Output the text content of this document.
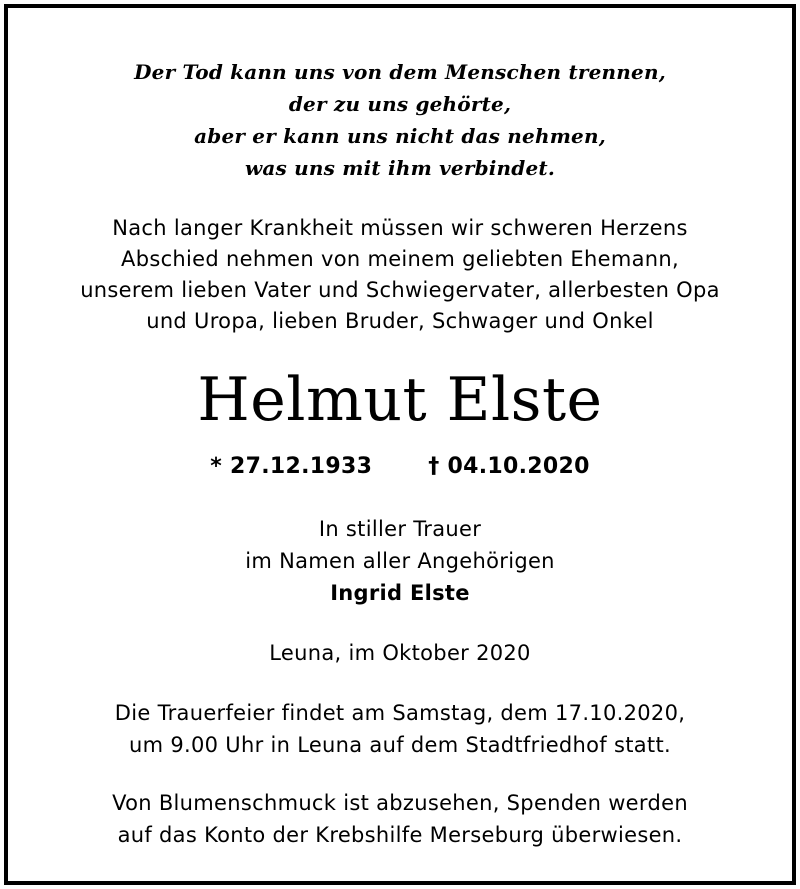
Der Tod kann uns von dem Menschen trennen,
der zu uns gehörte,
aber er kann uns nicht das nehmen,
was uns mit ihm verbindet.
Nach langer Krankheit müssen wir schweren Herzens
Abschied nehmen von meinem geliebten Ehemann,
unserem lieben Vater und Schwiegervater, allerbesten Opa
und Uropa, lieben Bruder, Schwager und Onkel
Helmut Elste
* 27.12.1933	† 04.10.2020
In stiller Trauer
im Namen aller Angehörigen
Ingrid Elste
Leuna, im Oktober 2020
Die Trauerfeier findet am Samstag, dem 17.10.2020,
um 9.00 Uhr in Leuna auf dem Stadtfriedhof statt.
Von Blumenschmuck ist abzusehen, Spenden werden
auf das Konto der Krebshilfe Merseburg überwiesen.
